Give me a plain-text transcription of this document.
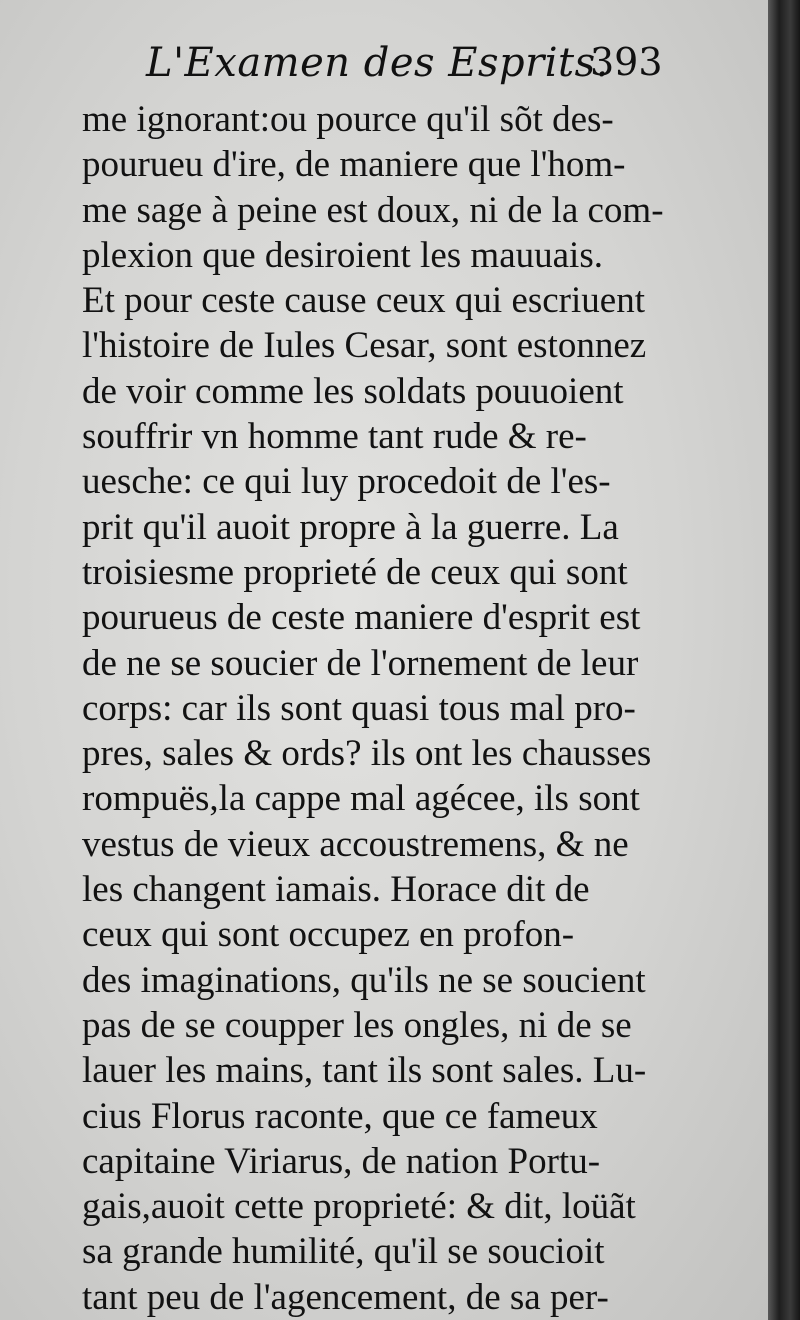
L'Examen des Esprits.
393
me ignorant:ou pource qu'il sõt des-
pourueu d'ire, de maniere que l'hom-
me sage à peine est doux, ni de la com-
plexion que desiroient les mauuais.
Et pour ceste cause ceux qui escriuent
l'histoire de Iules Cesar, sont estonnez
de voir comme les soldats pouuoient
souffrir vn homme tant rude & re-
uesche: ce qui luy procedoit de l'es-
prit qu'il auoit propre à la guerre. La
troisiesme proprieté de ceux qui sont
pourueus de ceste maniere d'esprit est
de ne se soucier de l'ornement de leur
corps: car ils sont quasi tous mal pro-
pres, sales & ords? ils ont les chausses
rompuës,la cappe mal agécee, ils sont
vestus de vieux accoustremens, & ne
les changent iamais. Horace dit de
ceux qui sont occupez en profon-
des imaginations, qu'ils ne se soucient
pas de se coupper les ongles, ni de se
lauer les mains, tant ils sont sales. Lu-
cius Florus raconte, que ce fameux
capitaine Viriarus, de nation Portu-
gais,auoit cette proprieté: & dit, loüãt
sa grande humilité, qu'il se soucioit
tant peu de l'agencement, de sa per-
